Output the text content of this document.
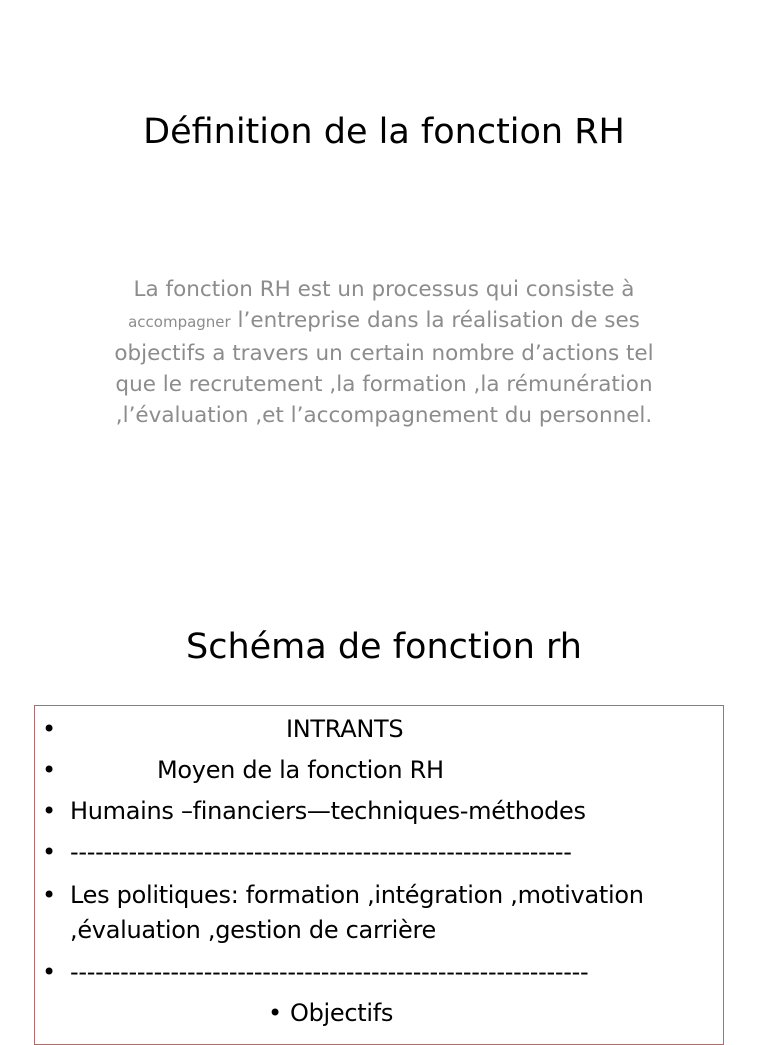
Définition de la fonction RH
La fonction RH est un processus qui consiste à accompagner l’entreprise dans la réalisation de ses objectifs a travers un certain nombre d’actions tel que le recrutement ,la formation ,la rémunération ,l’évaluation ,et l’accompagnement du personnel.
Schéma de fonction rh
•	INTRANTS
•	Moyen de la fonction RH
• Humains –financiers—techniques-méthodes
• ------------------------------------------------------------
• Les politiques: formation ,intégration ,motivation
,évaluation ,gestion de carrière
• --------------------------------------------------------------
• Objectifs
